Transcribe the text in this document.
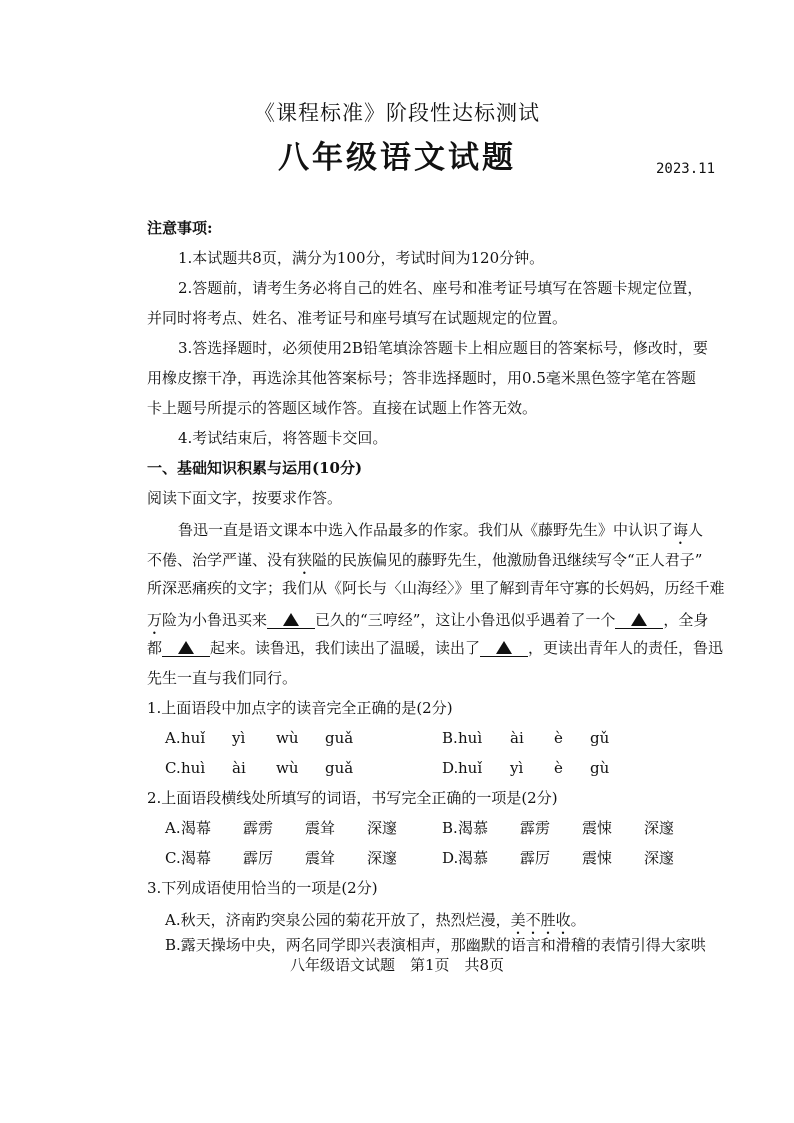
《课程标准》阶段性达标测试
八年级语文试题	2023.11
注意事项:
1.本试题共8页，满分为100分，考试时间为120分钟。
2.答题前，请考生务必将自己的姓名、座号和准考证号填写在答题卡规定位置，
并同时将考点、姓名、准考证号和座号填写在试题规定的位置。
3.答选择题时，必须使用2B铅笔填涂答题卡上相应题目的答案标号，修改时，要
用橡皮擦干净，再选涂其他答案标号；答非选择题时，用0.5毫米黑色签字笔在答题
卡上题号所提示的答题区域作答。直接在试题上作答无效。
4.考试结束后，将答题卡交回。
一、基础知识积累与运用(10分)
阅读下面文字，按要求作答。
鲁迅一直是语文课本中选入作品最多的作家。我们从《藤野先生》中认识了诲人
不倦、治学严谨、没有狭隘的民族偏见的藤野先生，他激励鲁迅继续写令“正人君子”
所深恶痛疾的文字；我们从《阿长与〈山海经〉》里了解到青年守寡的长妈妈，历经千难
万险为小鲁迅买来	已久的“三哼经”，这让小鲁迅似乎遇着了一个	，全身
都	起来。读鲁迅，我们读出了温暖，读出了	，更读出青年人的责任，鲁迅
先生一直与我们同行。
1.上面语段中加点字的读音完全正确的是(2分)
A. huǐ yì wù guǎ	B. huì ài è gǔ
C. huì ài wù guǎ	D. huǐ yì è gù
2.上面语段横线处所填写的词语，书写完全正确的一项是(2分)
A. 渴幕 霹雳 震耸 深邃	B. 渴慕 霹雳 震悚 深邃
C. 渴幕 霹厉 震耸 深邃	D. 渴慕 霹厉 震悚 深邃
3.下列成语使用恰当的一项是(2分)
A.秋天，济南趵突泉公园的菊花开放了，热烈烂漫，美不胜收。
B.露天操场中央，两名同学即兴表演相声，那幽默的语言和滑稽的表情引得大家哄
八年级语文试题　第1页　共8页
